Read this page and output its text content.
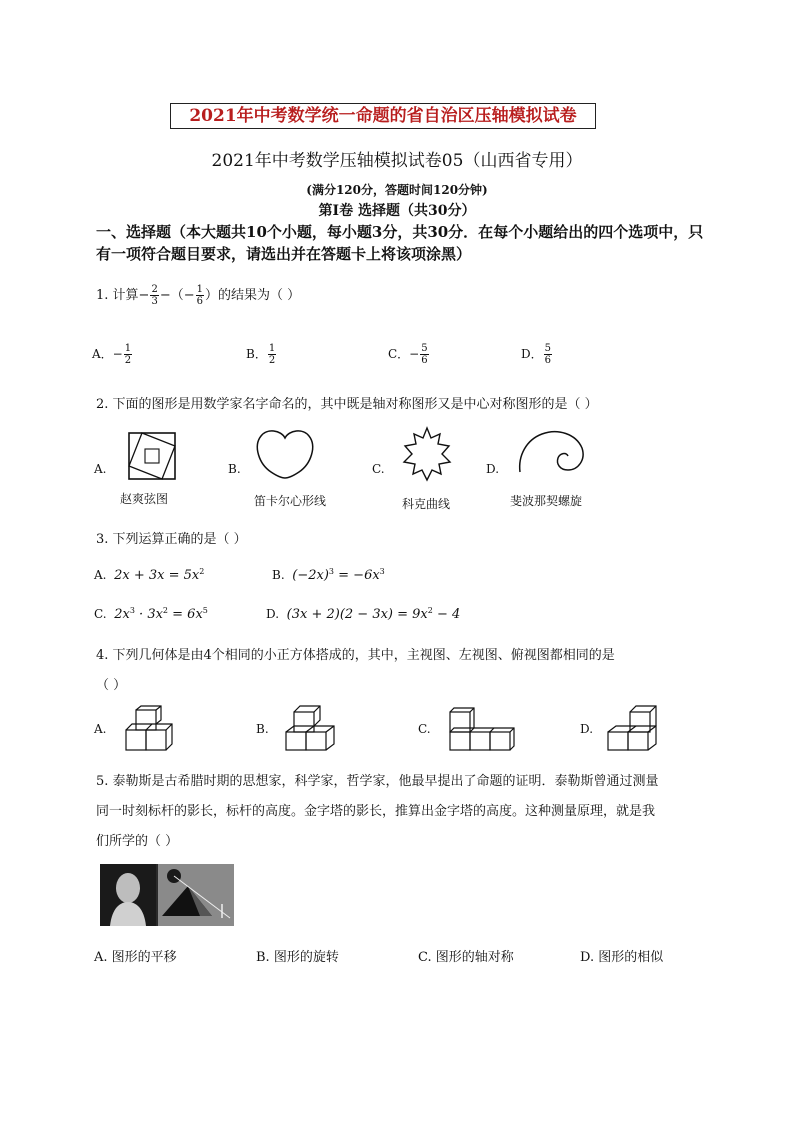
2021年中考数学统一命题的省自治区压轴模拟试卷
2021年中考数学压轴模拟试卷05（山西省专用）
(满分120分，答题时间120分钟)
第I卷 选择题（共30分）
一、选择题（本大题共10个小题，每小题3分，共30分．在每个小题给出的四个选项中，只有一项符合题目要求，请选出并在答题卡上将该项涂黑）
1. 计算− $\frac{2}{3}$ −（− $\frac{1}{6}$ ）的结果为（ ）
A．− $\frac{1}{2}$	B． $\frac{1}{2}$	C．− $\frac{5}{6}$	D． $\frac{5}{6}$
2. 下面的图形是用数学家名字命名的，其中既是轴对称图形又是中心对称图形的是（ ）
A.
赵爽弦图
B.
笛卡尔心形线
C.
科克曲线
D.
斐波那契螺旋
3. 下列运算正确的是（ ）
A. $2x + 3x = 5x^2$	B. $(-2x)^3 = -6x^3$
C. $2x^3 \cdot 3x^2 = 6x^5$	D. $(3x + 2)(2 - 3x) = 9x^2 - 4$
4. 下列几何体是由4个相同的小正方体搭成的，其中，主视图、左视图、俯视图都相同的是
（ ）
A.	B.	C.	D.
5. 泰勒斯是古希腊时期的思想家，科学家，哲学家，他最早提出了命题的证明．泰勒斯曾通过测量
同一时刻标杆的影长，标杆的高度。金字塔的影长，推算出金字塔的高度。这种测量原理，就是我
们所学的（ ）
A. 图形的平移	B. 图形的旋转	C. 图形的轴对称	D. 图形的相似
